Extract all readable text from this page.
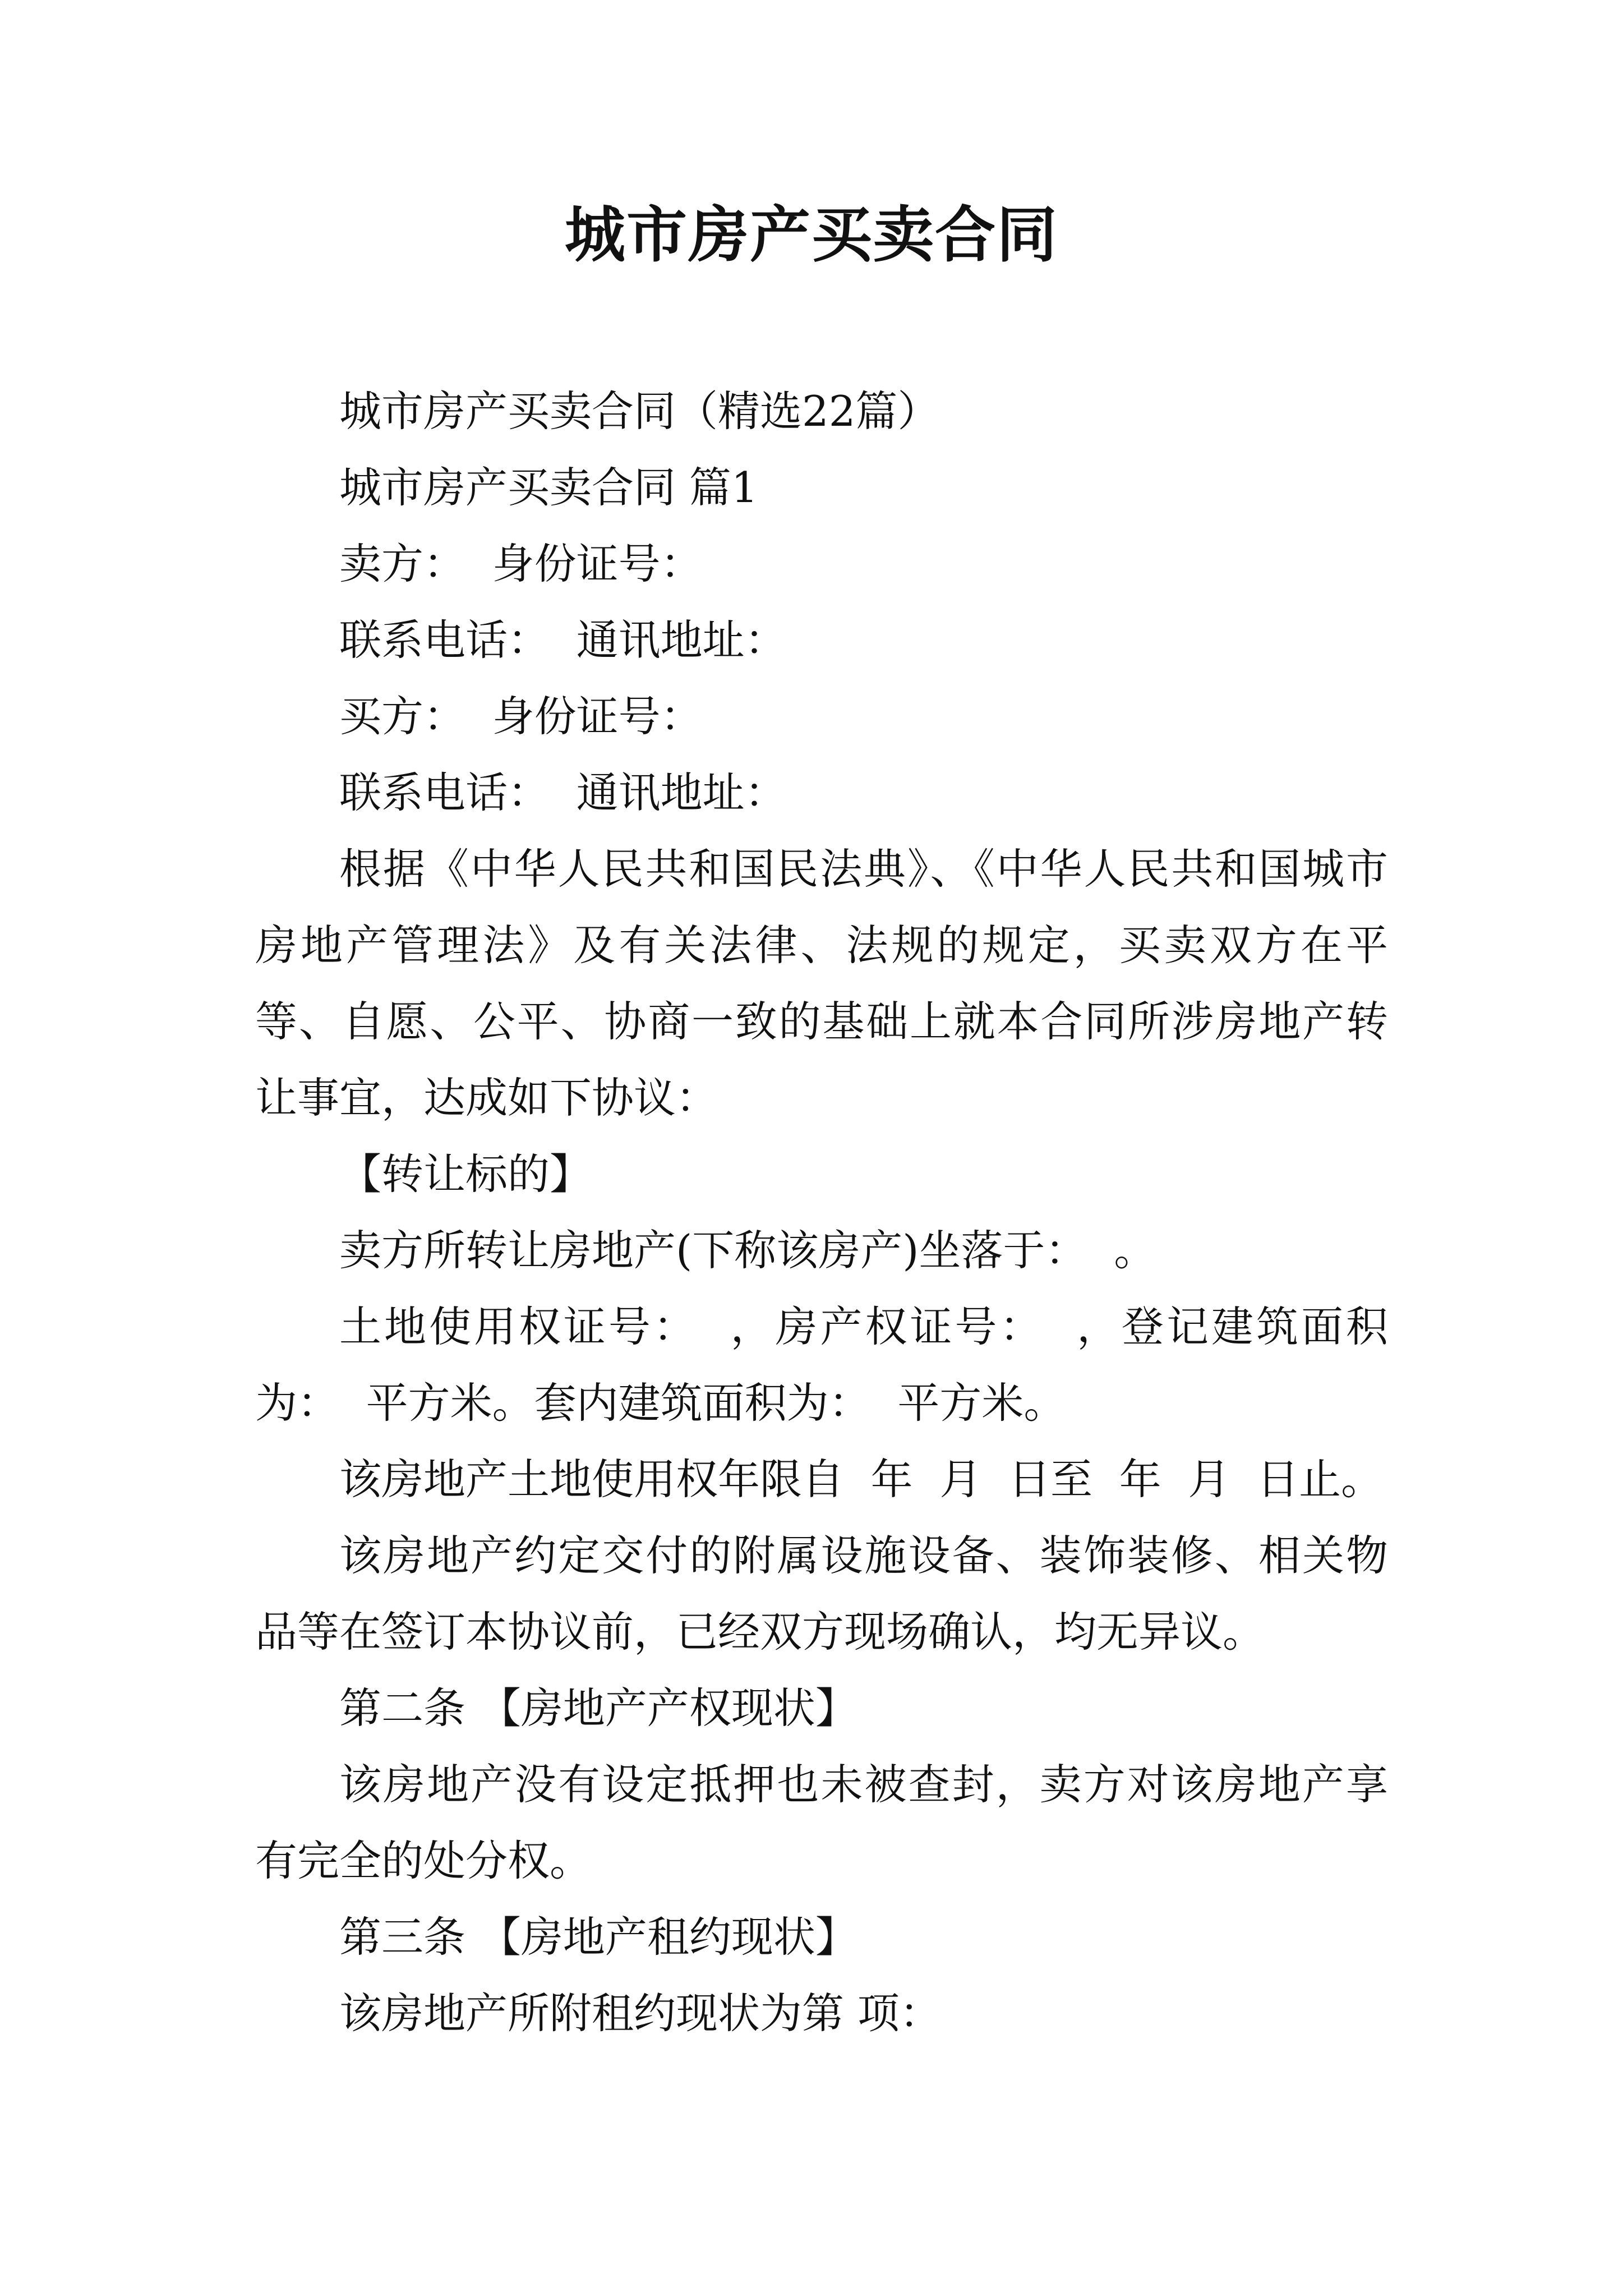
城市房产买卖合同

城市房产买卖合同（精选22篇）

城市房产买卖合同 篇1

卖方：  身份证号：

联系电话：  通讯地址：

买方：  身份证号：

联系电话：  通讯地址：

根据《中华人民共和国民法典》、《中华人民共和国城市房地产管理法》及有关法律、法规的规定，买卖双方在平等、自愿、公平、协商一致的基础上就本合同所涉房地产转让事宜，达成如下协议：

【转让标的】

卖方所转让房地产(下称该房产)坐落于：  。

土地使用权证号：  ，房产权证号：  ，登记建筑面积为：  平方米。套内建筑面积为：  平方米。

该房地产土地使用权年限自  年  月  日至  年  月  日止。

该房地产约定交付的附属设施设备、装饰装修、相关物品等在签订本协议前，已经双方现场确认，均无异议。

第二条 【房地产产权现状】

该房地产没有设定抵押也未被查封，卖方对该房地产享有完全的处分权。

第三条 【房地产租约现状】

该房地产所附租约现状为第 项：
